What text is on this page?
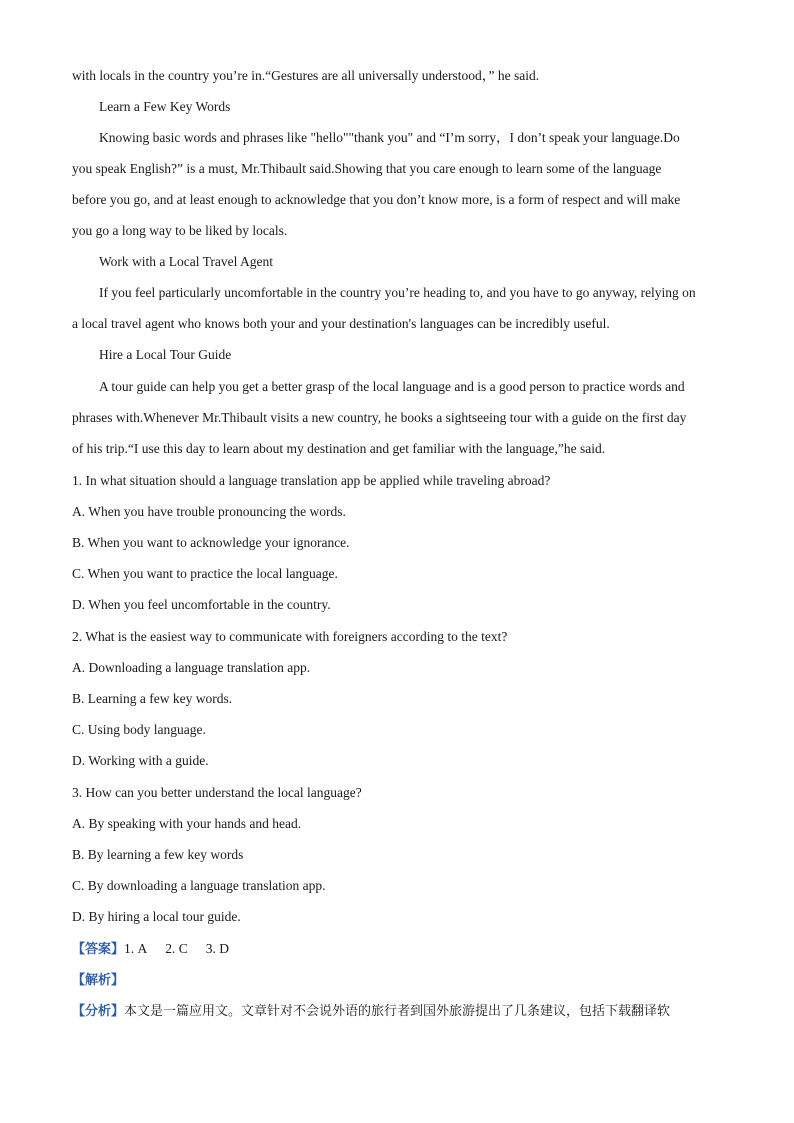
with locals in the country you’re in.“Gestures are all universally understood，” he said.
Learn a Few Key Words
Knowing basic words and phrases like "hello""thank you" and “I’m sorry，I don’t speak your language.Do
you speak English?” is a must, Mr.Thibault said.Showing that you care enough to learn some of the language
before you go, and at least enough to acknowledge that you don’t know more, is a form of respect and will make
you go a long way to be liked by locals.
Work with a Local Travel Agent
If you feel particularly uncomfortable in the country you’re heading to, and you have to go anyway, relying on
a local travel agent who knows both your and your destination's languages can be incredibly useful.
Hire a Local Tour Guide
A tour guide can help you get a better grasp of the local language and is a good person to practice words and
phrases with.Whenever Mr.Thibault visits a new country, he books a sightseeing tour with a guide on the first day
of his trip.“I use this day to learn about my destination and get familiar with the language,”he said.
1. In what situation should a language translation app be applied while traveling abroad?
A. When you have trouble pronouncing the words.
B. When you want to acknowledge your ignorance.
C. When you want to practice the local language.
D. When you feel uncomfortable in the country.
2. What is the easiest way to communicate with foreigners according to the text?
A. Downloading a language translation app.
B. Learning a few key words.
C. Using body language.
D. Working with a guide.
3. How can you better understand the local language?
A. By speaking with your hands and head.
B. By learning a few key words
C. By downloading a language translation app.
D. By hiring a local tour guide.
【答案】1. A 2. C 3. D
【解析】
【分析】本文是一篇应用文。文章针对不会说外语的旅行者到国外旅游提出了几条建议，包括下载翻译软
